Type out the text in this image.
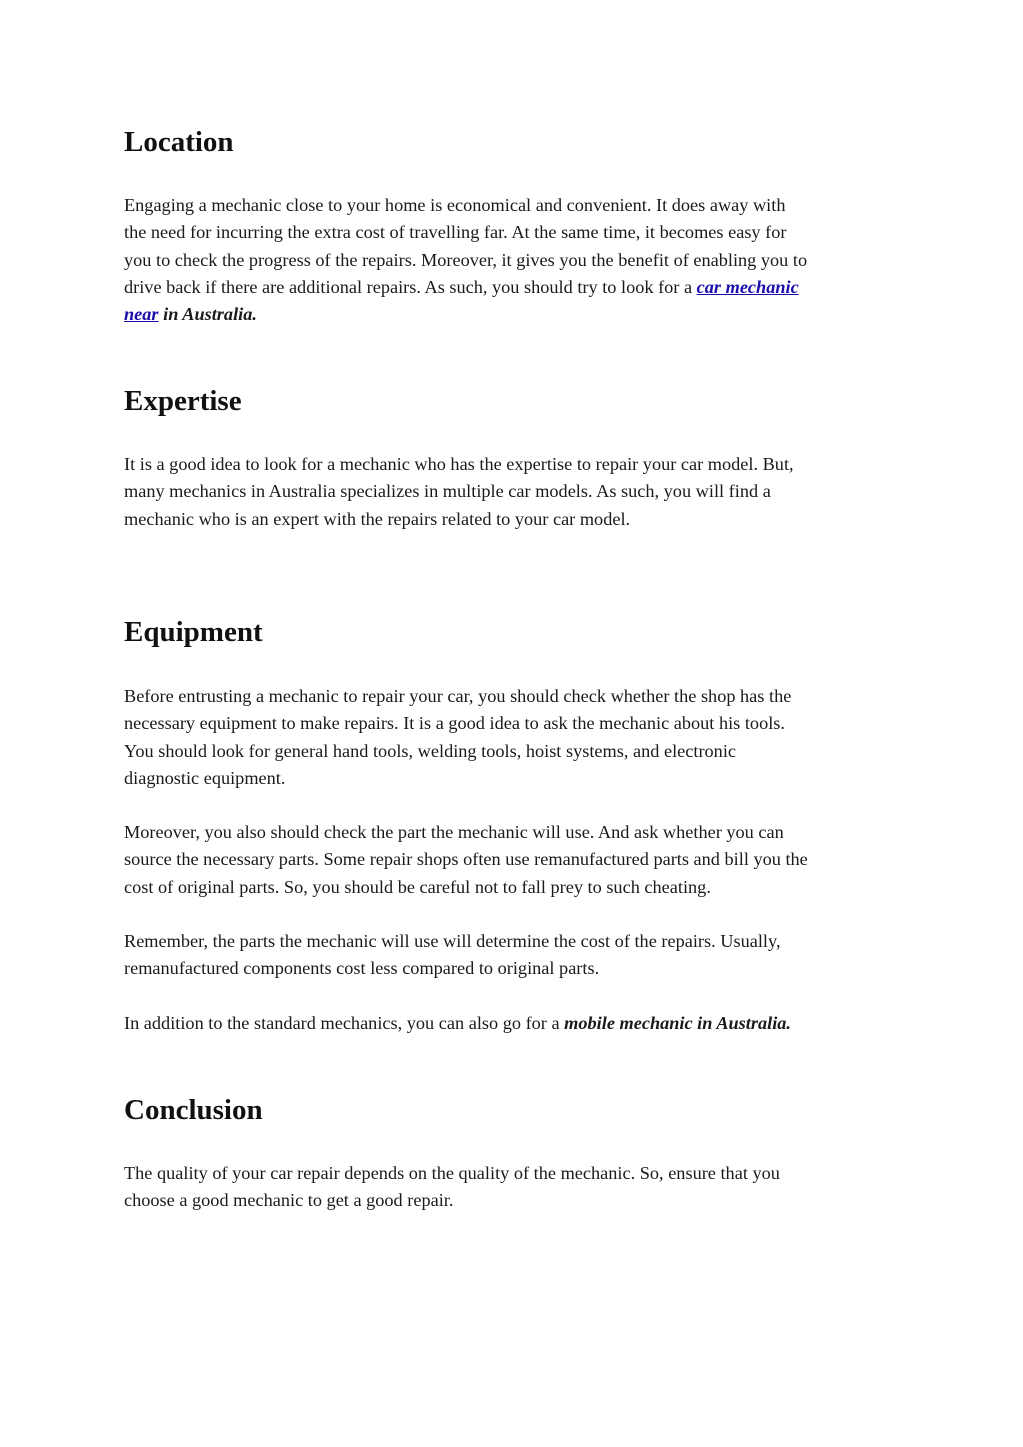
Location

Engaging a mechanic close to your home is economical and convenient. It does away with
the need for incurring the extra cost of travelling far. At the same time, it becomes easy for
you to check the progress of the repairs. Moreover, it gives you the benefit of enabling you to
drive back if there are additional repairs. As such, you should try to look for a car mechanic
near in Australia.

Expertise

It is a good idea to look for a mechanic who has the expertise to repair your car model. But,
many mechanics in Australia specializes in multiple car models. As such, you will find a
mechanic who is an expert with the repairs related to your car model.

Equipment

Before entrusting a mechanic to repair your car, you should check whether the shop has the
necessary equipment to make repairs. It is a good idea to ask the mechanic about his tools.
You should look for general hand tools, welding tools, hoist systems, and electronic
diagnostic equipment.

Moreover, you also should check the part the mechanic will use. And ask whether you can
source the necessary parts. Some repair shops often use remanufactured parts and bill you the
cost of original parts. So, you should be careful not to fall prey to such cheating.

Remember, the parts the mechanic will use will determine the cost of the repairs. Usually,
remanufactured components cost less compared to original parts.

In addition to the standard mechanics, you can also go for a mobile mechanic in Australia.

Conclusion

The quality of your car repair depends on the quality of the mechanic. So, ensure that you
choose a good mechanic to get a good repair.
